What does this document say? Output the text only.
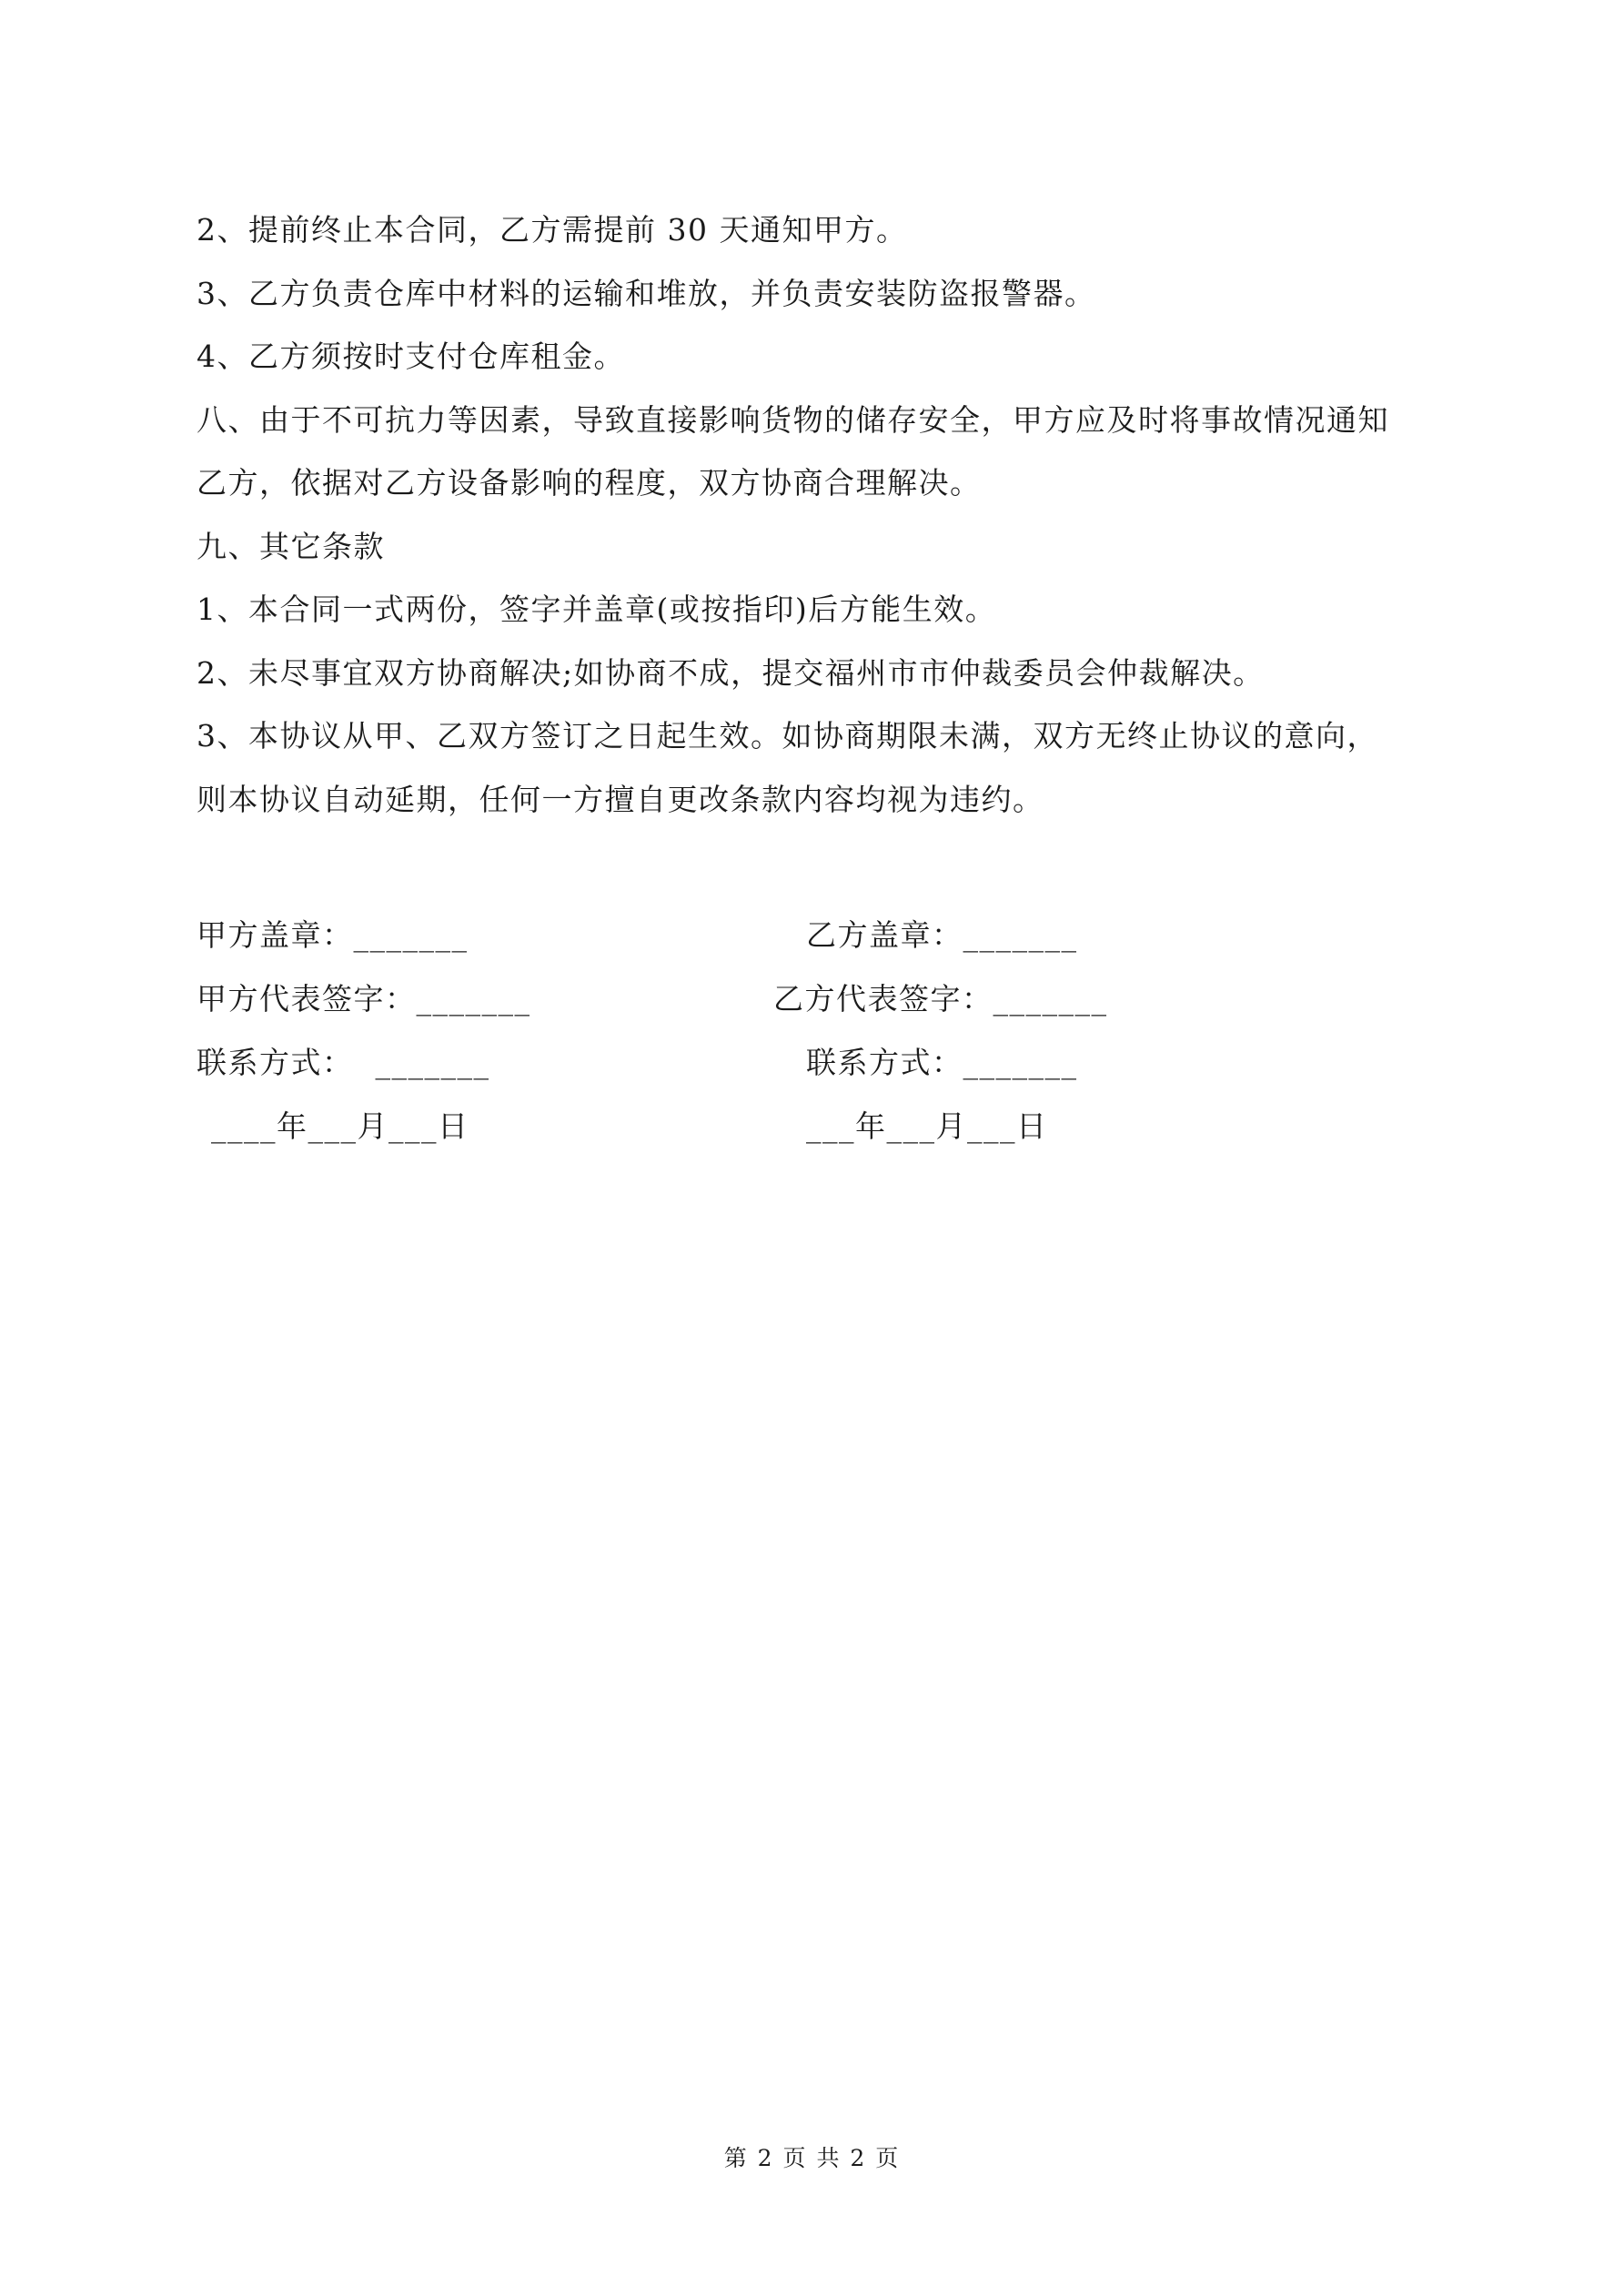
2、提前终止本合同，乙方需提前 30 天通知甲方。
3、乙方负责仓库中材料的运输和堆放，并负责安装防盗报警器。
4、乙方须按时支付仓库租金。
八、由于不可抗力等因素，导致直接影响货物的储存安全，甲方应及时将事故情况通知
乙方，依据对乙方设备影响的程度，双方协商合理解决。
九、其它条款
1、本合同一式两份，签字并盖章(或按指印)后方能生效。
2、未尽事宜双方协商解决;如协商不成，提交福州市市仲裁委员会仲裁解决。
3、本协议从甲、乙双方签订之日起生效。如协商期限未满，双方无终止协议的意向，
则本协议自动延期，任何一方擅自更改条款内容均视为违约。
甲方盖章：_______
甲方代表签字：_______
联系方式：  _______
____年___月___日
乙方盖章：_______
乙方代表签字：_______
联系方式：_______
___年___月___日
第 2 页 共 2 页
